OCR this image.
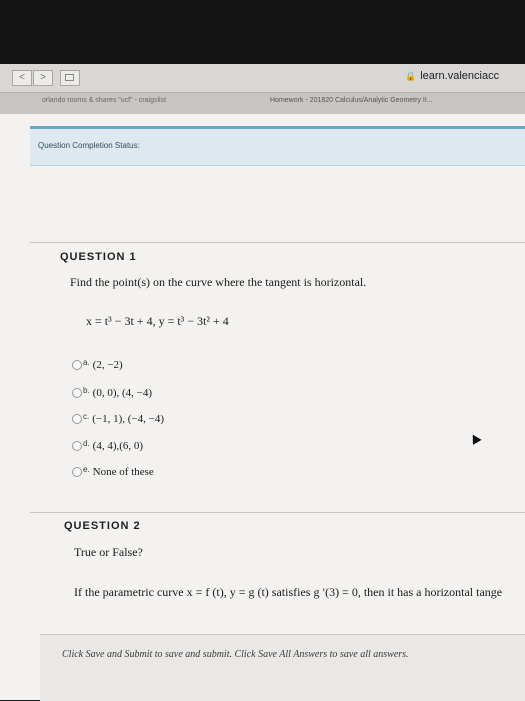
<	>	🔒 learn.valenciacc
orlando rooms & shares "ucf" - craigslist	Homework - 201820 Calculus/Analytic Geometry II...
Question Completion Status:
QUESTION 1
Find the point(s) on the curve where the tangent is horizontal.
x = t³ − 3t + 4, y = t³ − 3t² + 4
a. (2, −2)
b. (0, 0), (4, −4)
c. (−1, 1), (−4, −4)
d. (4, 4),(6, 0)
e. None of these
QUESTION 2
True or False?
If the parametric curve x = f (t), y = g (t) satisfies g ′(3) = 0, then it has a horizontal tange
Click Save and Submit to save and submit. Click Save All Answers to save all answers.
